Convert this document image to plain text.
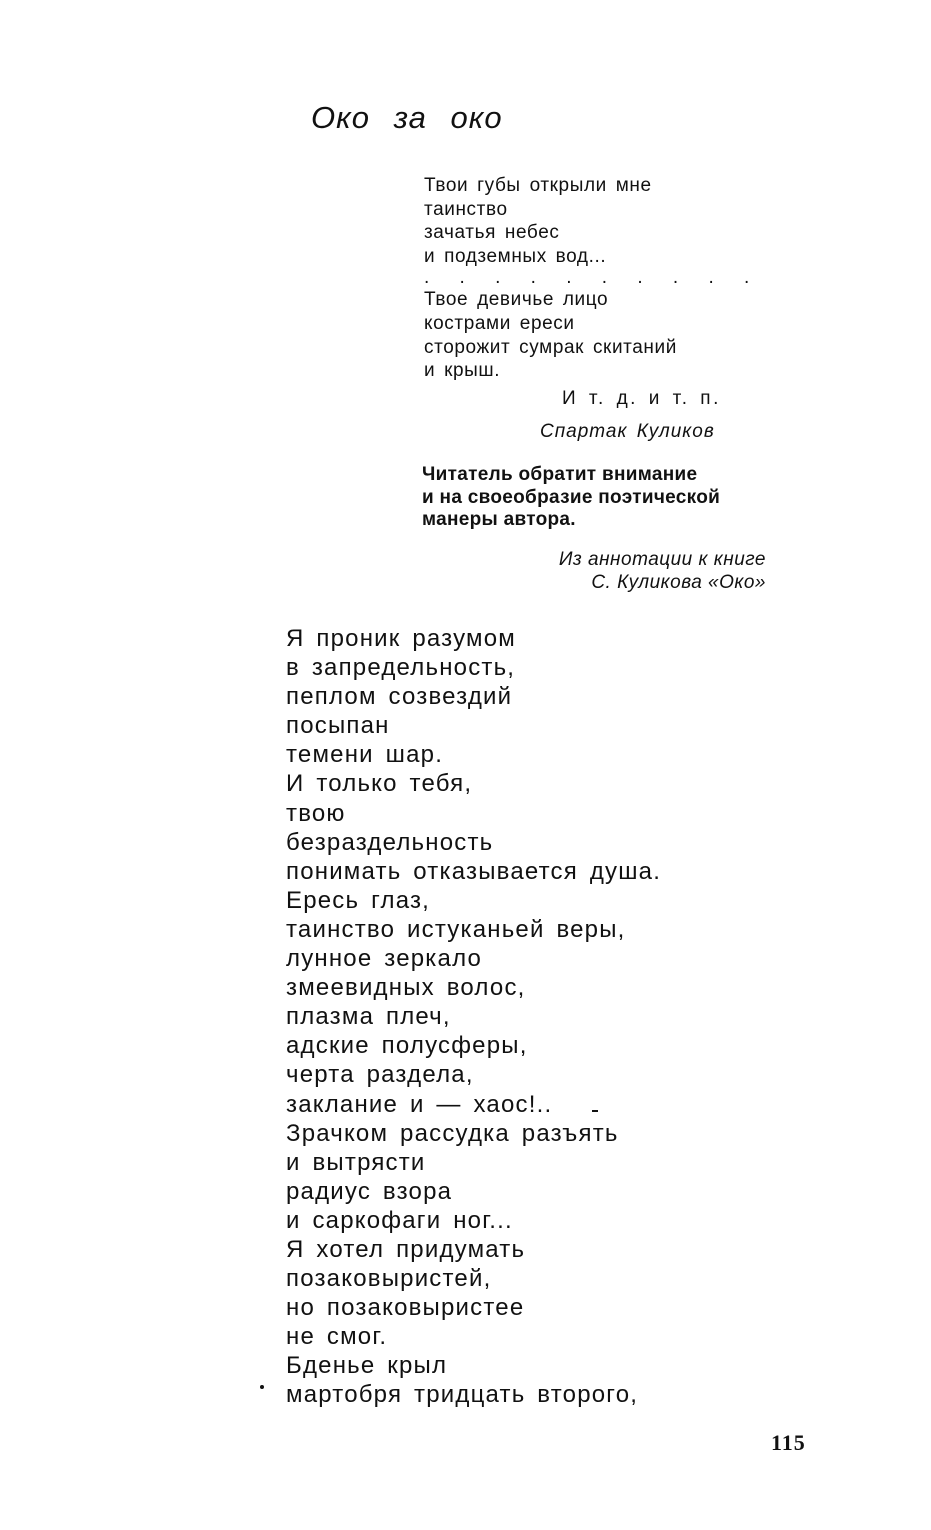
Око за око
Твои губы открыли мне
таинство
зачатья небес
и подземных вод...
. . . . . . . . . .
Твое девичье лицо
кострами ереси
сторожит сумрак скитаний
и крыш.
И т. д. и т. п.
Спартак Куликов
Читатель обратит внимание
и на своеобразие поэтической
манеры автора.
Из аннотации к книге
С. Куликова «Око»
Я проник разумом
в запредельность,
пеплом созвездий
посыпан
темени шар.
И только тебя,
твою
безраздельность
понимать отказывается душа.
Ересь глаз,
таинство истуканьей веры,
лунное зеркало
змеевидных волос,
плазма плеч,
адские полусферы,
черта раздела,
заклание и — хаос!..
Зрачком рассудка разъять
и вытрясти
радиус взора
и саркофаги ног...
Я хотел придумать
позаковыристей,
но позаковыристее
не смог.
Бденье крыл
мартобря тридцать второго,
115
